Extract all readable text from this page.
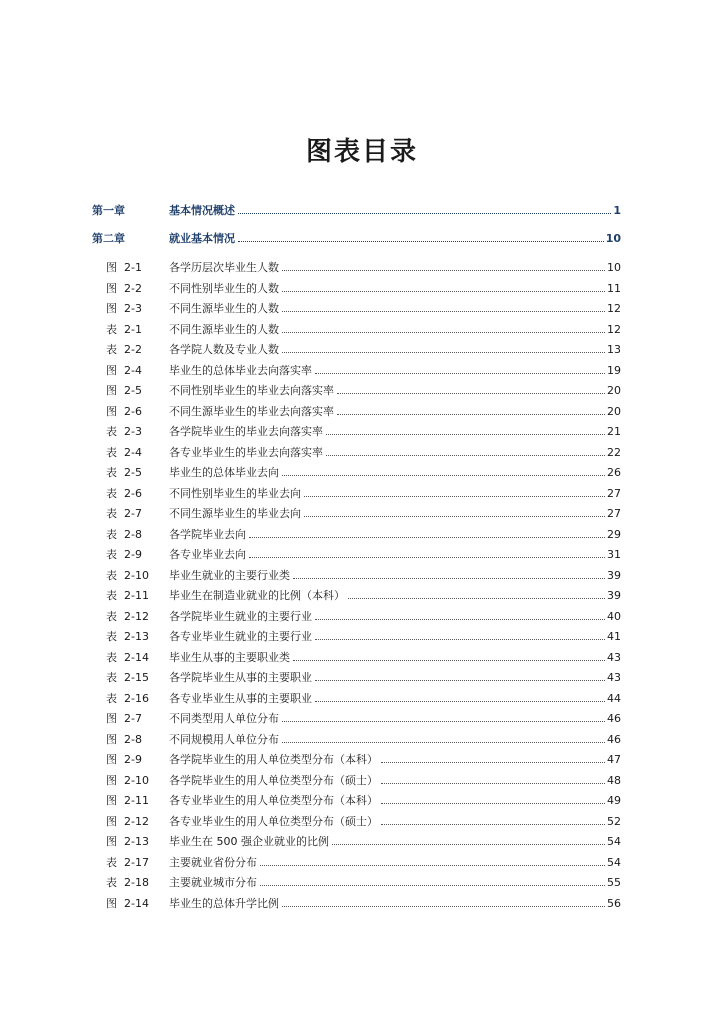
图表目录
第一章	基本情况概述	1
第二章	就业基本情况	10
图 2-1	各学历层次毕业生人数	10
图 2-2	不同性别毕业生的人数	11
图 2-3	不同生源毕业生的人数	12
表 2-1	不同生源毕业生的人数	12
表 2-2	各学院人数及专业人数	13
图 2-4	毕业生的总体毕业去向落实率	19
图 2-5	不同性别毕业生的毕业去向落实率	20
图 2-6	不同生源毕业生的毕业去向落实率	20
表 2-3	各学院毕业生的毕业去向落实率	21
表 2-4	各专业毕业生的毕业去向落实率	22
表 2-5	毕业生的总体毕业去向	26
表 2-6	不同性别毕业生的毕业去向	27
表 2-7	不同生源毕业生的毕业去向	27
表 2-8	各学院毕业去向	29
表 2-9	各专业毕业去向	31
表 2-10	毕业生就业的主要行业类	39
表 2-11	毕业生在制造业就业的比例（本科）	39
表 2-12	各学院毕业生就业的主要行业	40
表 2-13	各专业毕业生就业的主要行业	41
表 2-14	毕业生从事的主要职业类	43
表 2-15	各学院毕业生从事的主要职业	43
表 2-16	各专业毕业生从事的主要职业	44
图 2-7	不同类型用人单位分布	46
图 2-8	不同规模用人单位分布	46
图 2-9	各学院毕业生的用人单位类型分布（本科）	47
图 2-10	各学院毕业生的用人单位类型分布（硕士）	48
图 2-11	各专业毕业生的用人单位类型分布（本科）	49
图 2-12	各专业毕业生的用人单位类型分布（硕士）	52
图 2-13	毕业生在 500 强企业就业的比例	54
表 2-17	主要就业省份分布	54
表 2-18	主要就业城市分布	55
图 2-14	毕业生的总体升学比例	56
